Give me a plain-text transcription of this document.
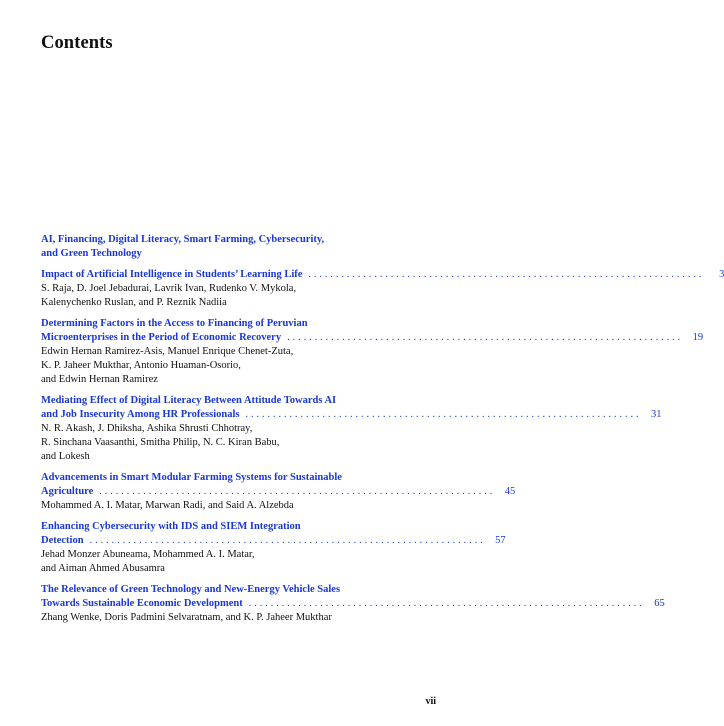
Contents
AI, Financing, Digital Literacy, Smart Farming, Cybersecurity,
and Green Technology
Impact of Artificial Intelligence in Students’ Learning Life ........................................................................	3
S. Raja, D. Joel Jebadurai, Lavrik Ivan, Rudenko V. Mykola,
Kalenychenko Ruslan, and P. Reznik Nadiia
Determining Factors in the Access to Financing of Peruvian
Microenterprises in the Period of Economic Recovery ........................................................................ 19
Edwin Hernan Ramirez-Asis, Manuel Enrique Chenet-Zuta,
K. P. Jaheer Mukthar, Antonio Huaman-Osorio,
and Edwin Hernan Ramirez
Mediating Effect of Digital Literacy Between Attitude Towards AI
and Job Insecurity Among HR Professionals ........................................................................ 31
N. R. Akash, J. Dhiksha, Ashika Shrusti Chhotray,
R. Sinchana Vaasanthi, Smitha Philip, N. C. Kiran Babu,
and Lokesh
Advancements in Smart Modular Farming Systems for Sustainable
Agriculture ........................................................................ 45
Mohammed A. I. Matar, Marwan Radi, and Said A. Alzebda
Enhancing Cybersecurity with IDS and SIEM Integration
Detection ........................................................................ 57
Jehad Monzer Abuneama, Mohammed A. I. Matar,
and Aiman Ahmed Abusamra
The Relevance of Green Technology and New-Energy Vehicle Sales
Towards Sustainable Economic Development ........................................................................ 65
Zhang Wenke, Doris Padmini Selvaratnam, and K. P. Jaheer Mukthar
vii
